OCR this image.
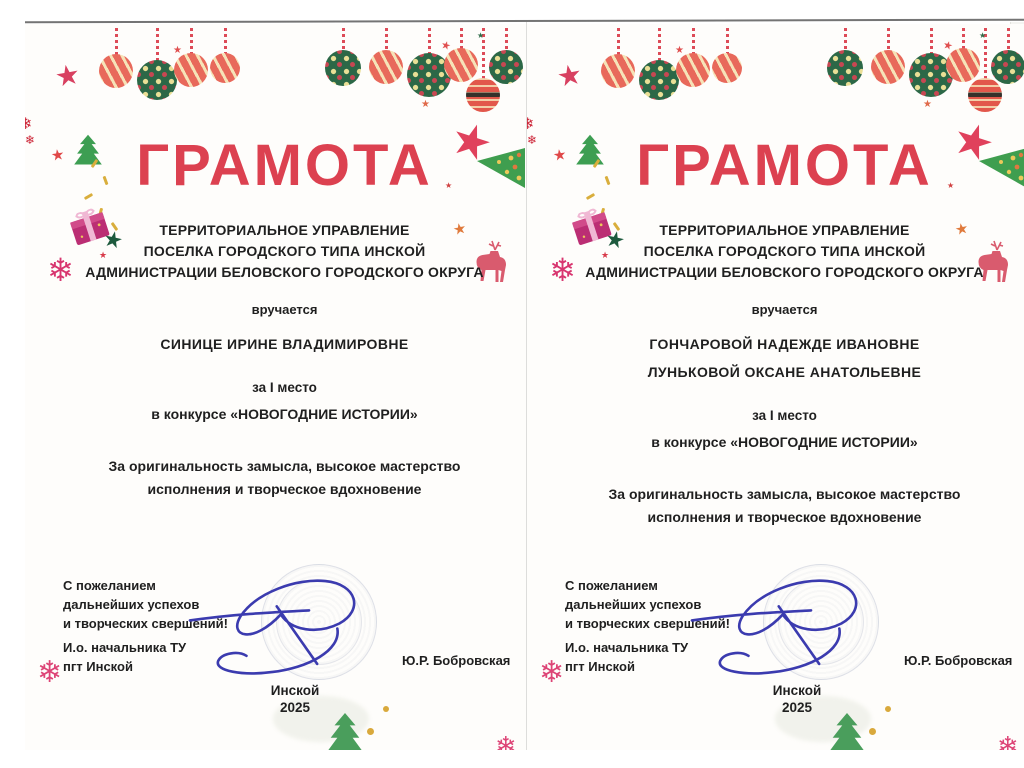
★
★
★
★
★
❄
❄
★
★
❄
★
★
★
★
❄
❄
ГРАМОТА
ТЕРРИТОРИАЛЬНОЕ УПРАВЛЕНИЕ
ПОСЕЛКА ГОРОДСКОГО ТИПА ИНСКОЙ
АДМИНИСТРАЦИИ БЕЛОВСКОГО ГОРОДСКОГО ОКРУГА
вручается
СИНИЦЕ ИРИНЕ ВЛАДИМИРОВНЕ
за I место
в конкурсе «НОВОГОДНИЕ ИСТОРИИ»
За оригинальность замысла, высокое мастерство
исполнения и творческое вдохновение
С пожеланием
дальнейших успехов
и творческих свершений!
И.о. начальника ТУ
пгт Инской	Ю.Р. Бобровская
Инской
2025
★
★
★
★
★
❄
❄
★
★
❄
★
★
★
★
❄
❄
ГРАМОТА
ТЕРРИТОРИАЛЬНОЕ УПРАВЛЕНИЕ
ПОСЕЛКА ГОРОДСКОГО ТИПА ИНСКОЙ
АДМИНИСТРАЦИИ БЕЛОВСКОГО ГОРОДСКОГО ОКРУГА
вручается
ГОНЧАРОВОЙ НАДЕЖДЕ ИВАНОВНЕ
ЛУНЬКОВОЙ ОКСАНЕ АНАТОЛЬЕВНЕ
за I место
в конкурсе «НОВОГОДНИЕ ИСТОРИИ»
За оригинальность замысла, высокое мастерство
исполнения и творческое вдохновение
С пожеланием
дальнейших успехов
и творческих свершений!
И.о. начальника ТУ
пгт Инской	Ю.Р. Бобровская
Инской
2025
